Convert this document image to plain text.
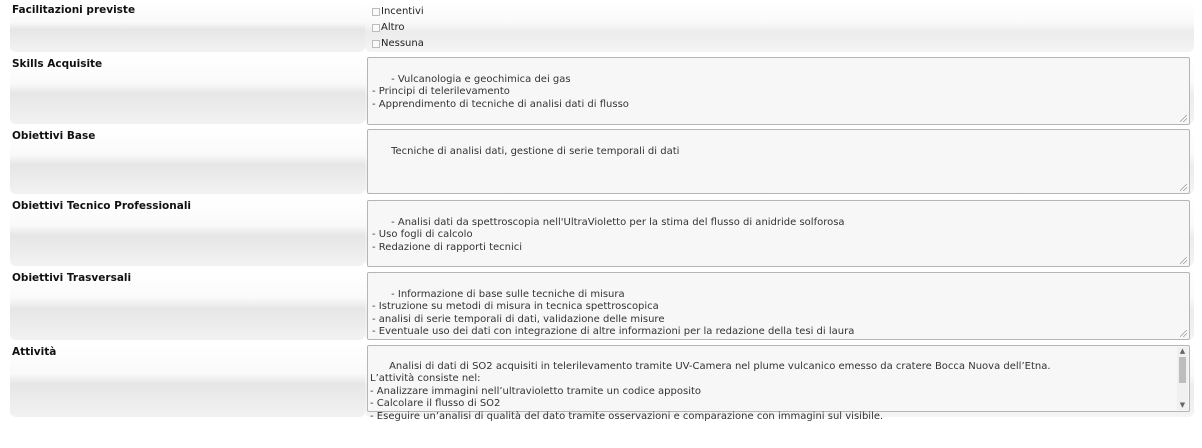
Facilitazioni previste	Incentivi
Altro
Nessuna
Skills Acquisite

- Vulcanologia e geochimica dei gas
- Principi di telerilevamento
- Apprendimento di tecniche di analisi dati di flusso

Obiettivi Base

Tecniche di analisi dati, gestione di serie temporali di dati

Obiettivi Tecnico Professionali

- Analisi dati da spettroscopia nell'UltraVioletto per la stima del flusso di anidride solforosa
- Uso fogli di calcolo
- Redazione di rapporti tecnici

Obiettivi Trasversali

- Informazione di base sulle tecniche di misura
- Istruzione su metodi di misura in tecnica spettroscopica
- analisi di serie temporali di dati, validazione delle misure
- Eventuale uso dei dati con integrazione di altre informazioni per la redazione della tesi di laura

Attività

Analisi di dati di SO2 acquisiti in telerilevamento tramite UV-Camera nel plume vulcanico emesso da cratere Bocca Nuova dell’Etna.
L’attività consiste nel:
- Analizzare immagini nell’ultravioletto tramite un codice apposito
- Calcolare il flusso di SO2
- Eseguire un’analisi di qualità del dato tramite osservazioni e comparazione con immagini sul visibile.

▲

▼
